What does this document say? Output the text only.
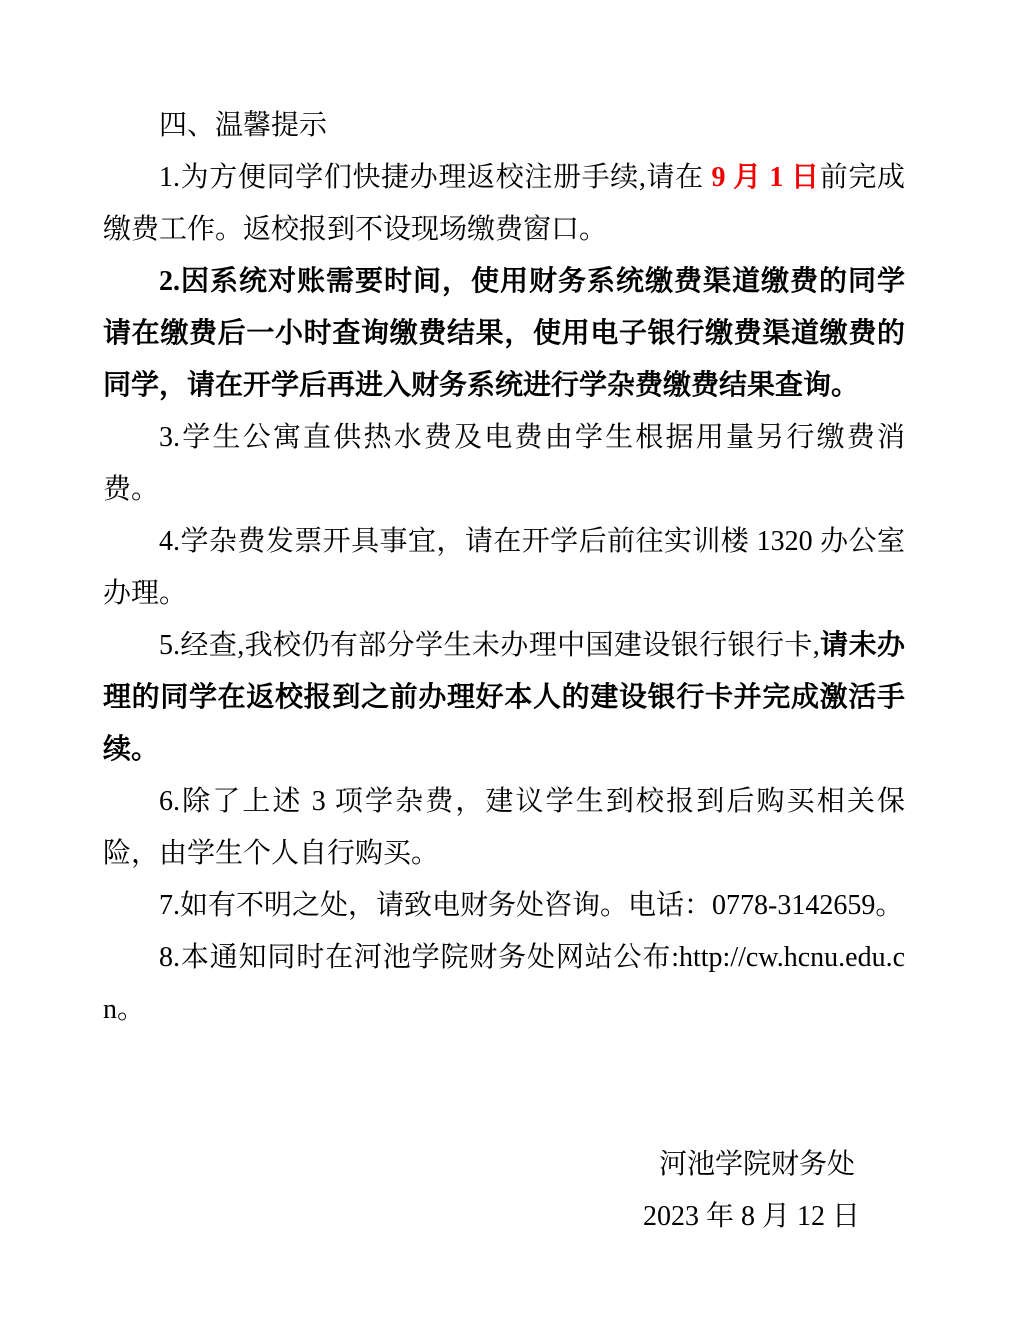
四、温馨提示

1.为方便同学们快捷办理返校注册手续,请在 9 月 1 日前完成缴费工作。返校报到不设现场缴费窗口。

2.因系统对账需要时间，使用财务系统缴费渠道缴费的同学请在缴费后一小时查询缴费结果，使用电子银行缴费渠道缴费的同学，请在开学后再进入财务系统进行学杂费缴费结果查询。

3.学生公寓直供热水费及电费由学生根据用量另行缴费消费。

4.学杂费发票开具事宜，请在开学后前往实训楼 1320 办公室办理。

5.经查,我校仍有部分学生未办理中国建设银行银行卡,请未办理的同学在返校报到之前办理好本人的建设银行卡并完成激活手续。

6.除了上述 3 项学杂费，建议学生到校报到后购买相关保险，由学生个人自行购买。

7.如有不明之处，请致电财务处咨询。电话：0778-3142659。

8.本通知同时在河池学院财务处网站公布:http://cw.hcnu.edu.cn。

河池学院财务处

2023 年 8 月 12 日
